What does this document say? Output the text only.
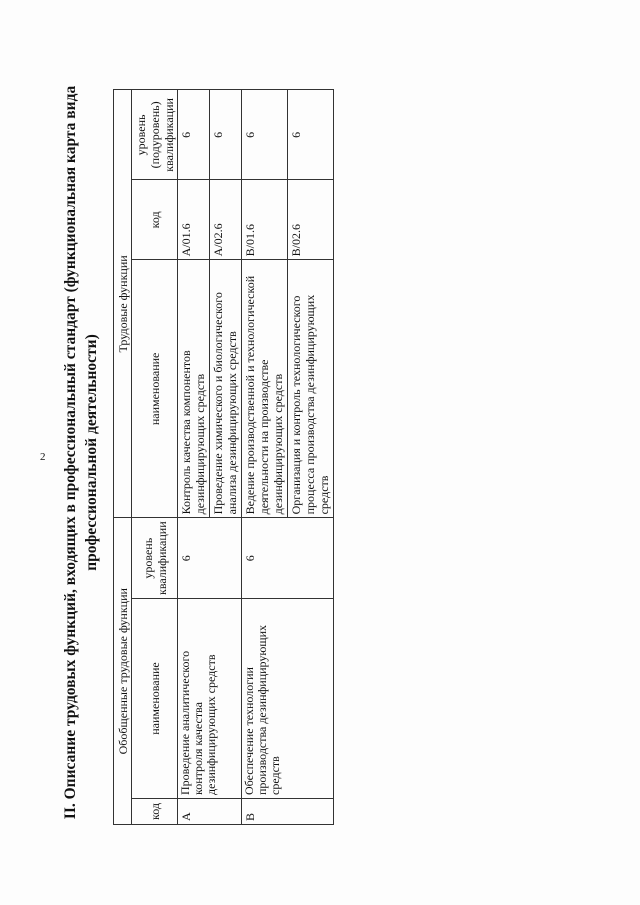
2 II. Описание трудовых функций, входящих в профессиональный стандарт (функциональная карта вида профессиональной деятельности)
Обобщенные трудовые функции			Трудовые функции		
код	наименование	уровень квалификации	наименование	код	уровень (подуровень) квалификации
A	Проведение аналитического контроля качества дезинфицирующих средств	6	Контроль качества компонентов дезинфицирующих средств	A/01.6	6
			Проведение химического и биологического анализа дезинфицирующих средств	A/02.6	6
B	Обеспечение технологии производства дезинфицирующих средств	6	Ведение производственной и технологической деятельности на производстве дезинфицирующих средств	B/01.6	6
			Организация и контроль технологического процесса производства дезинфицирующих средств	B/02.6	6
